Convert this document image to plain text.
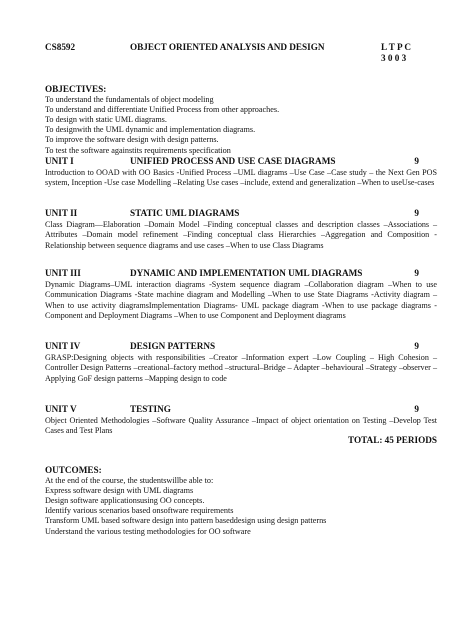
CS8592	OBJECT ORIENTED ANALYSIS AND DESIGN	L T P C
3 0 0 3
OBJECTIVES:
To understand the fundamentals of object modeling
To understand and differentiate Unified Process from other approaches.
To design with static UML diagrams.
To designwith the UML dynamic and implementation diagrams.
To improve the software design with design patterns.
To test the software againstits requirements specification
UNIT I	UNIFIED PROCESS AND USE CASE DIAGRAMS	9
Introduction to OOAD with OO Basics -Unified Process –UML diagrams –Use Case –Case study – the Next Gen POS system, Inception -Use case Modelling –Relating Use cases –include, extend and generalization –When to useUse-cases
UNIT II	STATIC UML DIAGRAMS	9
Class Diagram––Elaboration –Domain Model –Finding conceptual classes and description classes –Associations –Attributes –Domain model refinement –Finding conceptual class Hierarchies –Aggregation and Composition -Relationship between sequence diagrams and use cases –When to use Class Diagrams
UNIT III	DYNAMIC AND IMPLEMENTATION UML DIAGRAMS	9
Dynamic Diagrams–UML interaction diagrams -System sequence diagram –Collaboration diagram –When to use Communication Diagrams -State machine diagram and Modelling –When to use State Diagrams -Activity diagram –When to use activity diagramsImplementation Diagrams- UML package diagram -When to use package diagrams -Component and Deployment Diagrams –When to use Component and Deployment diagrams
UNIT IV	DESIGN PATTERNS	9
GRASP:Designing objects with responsibilities –Creator –Information expert –Low Coupling – High Cohesion –Controller Design Patterns –creational–factory method –structural–Bridge – Adapter –behavioural –Strategy –observer –Applying GoF design patterns –Mapping design to code
UNIT V	TESTING	9
Object Oriented Methodologies –Software Quality Assurance –Impact of object orientation on Testing –Develop Test Cases and Test Plans
TOTAL: 45 PERIODS
OUTCOMES:
At the end of the course, the studentswillbe able to:
Express software design with UML diagrams
Design software applicationsusing OO concepts.
Identify various scenarios based onsoftware requirements
Transform UML based software design into pattern baseddesign using design patterns
Understand the various testing methodologies for OO software
